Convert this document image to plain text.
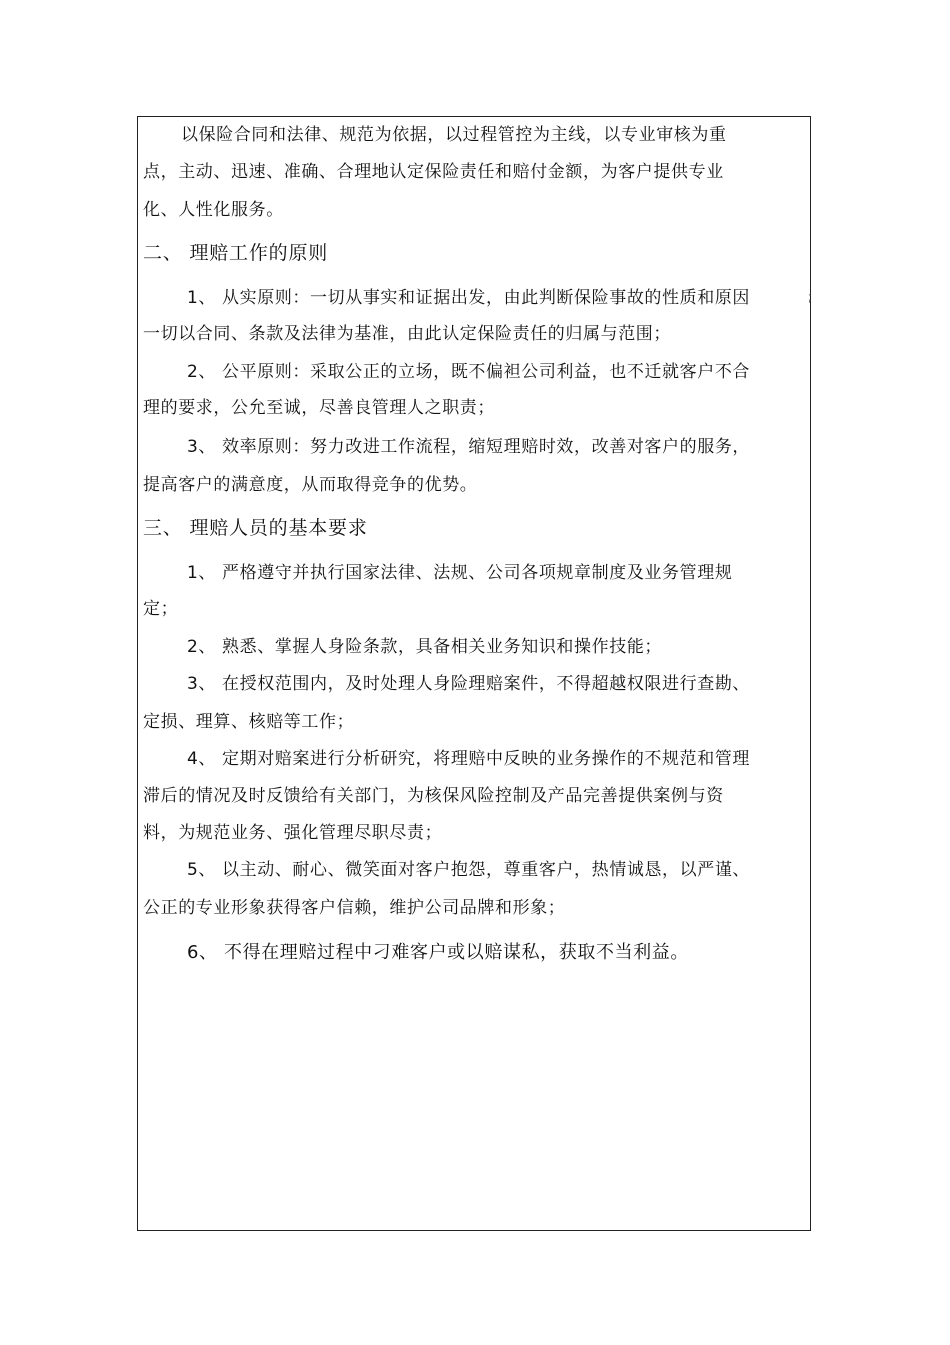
以保险合同和法律、规范为依据，以过程管控为主线，以专业审核为重
点，主动、迅速、准确、合理地认定保险责任和赔付金额，为客户提供专业
化、人性化服务。
二、 理赔工作的原则
1、 从实原则：一切从事实和证据出发，由此判断保险事故的性质和原因
一切以合同、条款及法律为基准，由此认定保险责任的归属与范围；
2、 公平原则：采取公正的立场，既不偏袒公司利益，也不迁就客户不合
理的要求，公允至诚，尽善良管理人之职责；
3、 效率原则：努力改进工作流程，缩短理赔时效，改善对客户的服务，
提高客户的满意度，从而取得竞争的优势。
三、 理赔人员的基本要求
1、 严格遵守并执行国家法律、法规、公司各项规章制度及业务管理规
定；
2、 熟悉、掌握人身险条款，具备相关业务知识和操作技能；
3、 在授权范围内，及时处理人身险理赔案件，不得超越权限进行查勘、
定损、理算、核赔等工作；
4、 定期对赔案进行分析研究，将理赔中反映的业务操作的不规范和管理
滞后的情况及时反馈给有关部门，为核保风险控制及产品完善提供案例与资
料，为规范业务、强化管理尽职尽责；
5、 以主动、耐心、微笑面对客户抱怨，尊重客户，热情诚恳，以严谨、
公正的专业形象获得客户信赖，维护公司品牌和形象；
6、 不得在理赔过程中刁难客户或以赔谋私，获取不当利益。
;
